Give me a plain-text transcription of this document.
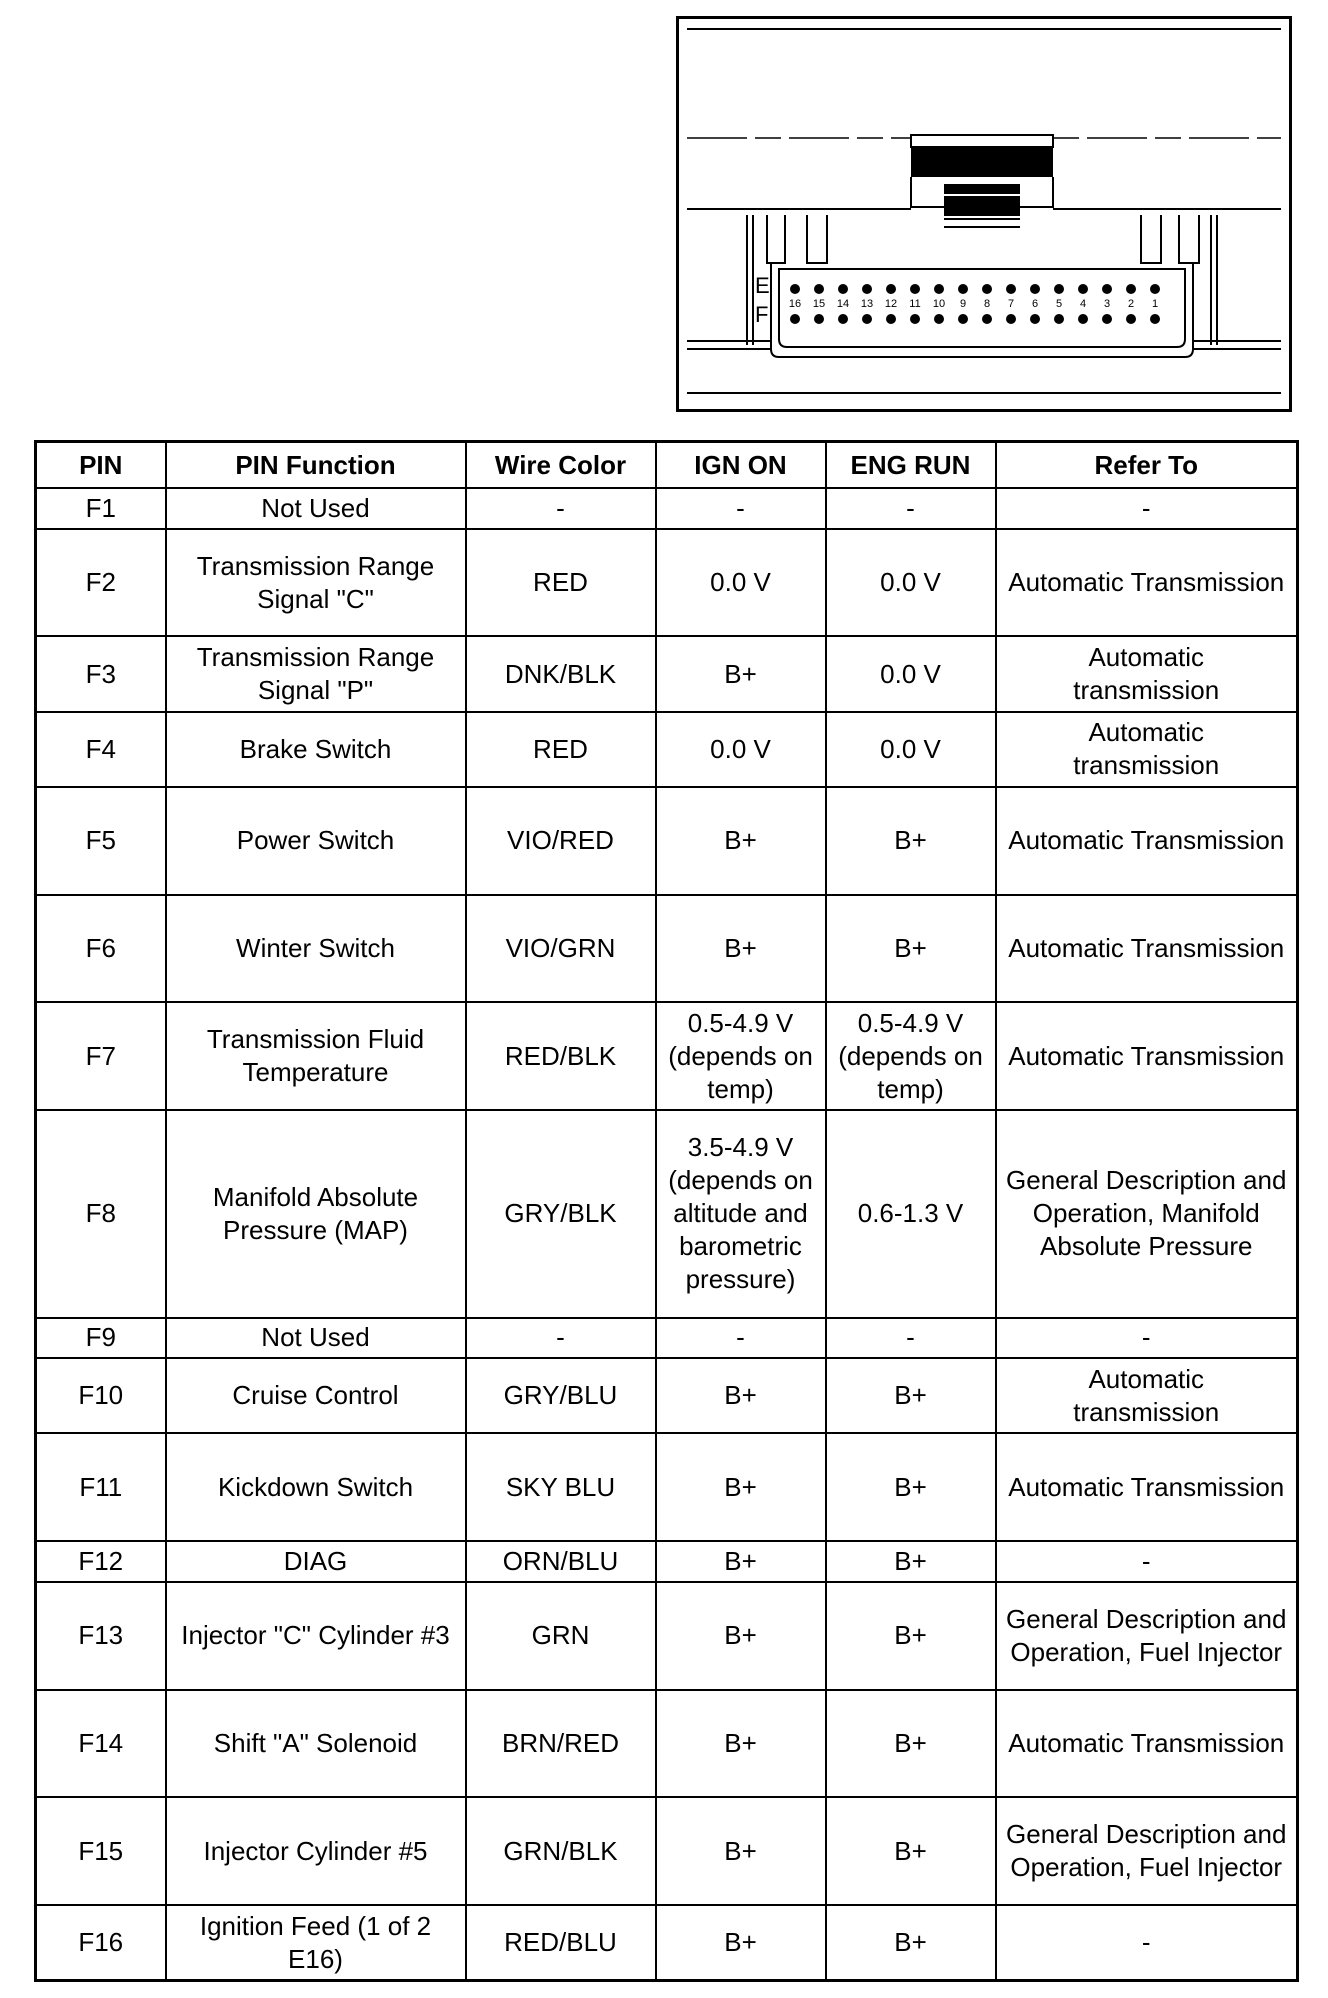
E
F 16 15 14 13 12 11 10 9 8 7 6 5 4 3 2 1
PIN	PIN Function	Wire Color	IGN ON	ENG RUN	Refer To
F1	Not Used	-	-	-	-
F2	Transmission Range Signal "C"	RED	0.0 V	0.0 V	Automatic Transmission
F3	Transmission Range Signal "P"	DNK/BLK	B+	0.0 V	Automatic
transmission
F4	Brake Switch	RED	0.0 V	0.0 V	Automatic
transmission
F5	Power Switch	VIO/RED	B+	B+	Automatic Transmission
F6	Winter Switch	VIO/GRN	B+	B+	Automatic Transmission
F7	Transmission Fluid Temperature	RED/BLK	0.5-4.9 V (depends on temp)	0.5-4.9 V (depends on temp)	Automatic Transmission
F8	Manifold Absolute Pressure (MAP)	GRY/BLK	3.5-4.9 V (depends on altitude and barometric pressure)	0.6-1.3 V	General Description and Operation, Manifold Absolute Pressure
F9	Not Used	-	-	-	-
F10	Cruise Control	GRY/BLU	B+	B+	Automatic
transmission
F11	Kickdown Switch	SKY BLU	B+	B+	Automatic Transmission
F12	DIAG	ORN/BLU	B+	B+	-
F13	Injector "C" Cylinder #3	GRN	B+	B+	General Description and Operation, Fuel Injector
F14	Shift "A" Solenoid	BRN/RED	B+	B+	Automatic Transmission
F15	Injector Cylinder #5	GRN/BLK	B+	B+	General Description and Operation, Fuel Injector
F16	Ignition Feed (1 of 2 E16)	RED/BLU	B+	B+	-
